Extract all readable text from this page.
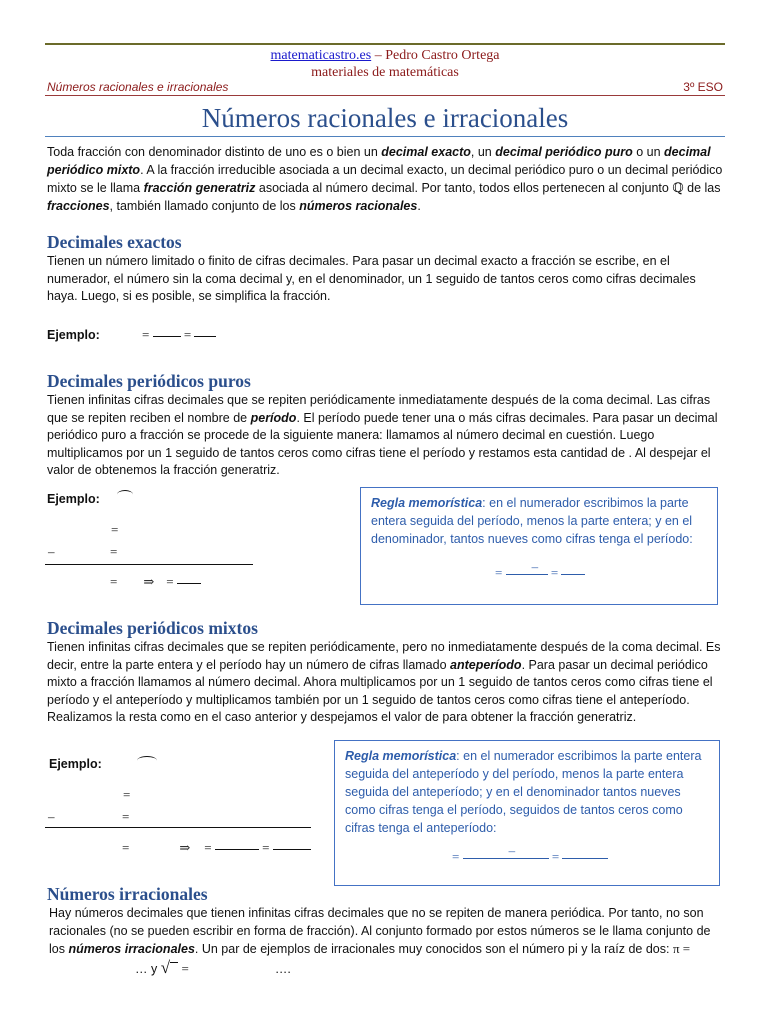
matematicastro.es – Pedro Castro Ortega
materiales de matemáticas
Números racionales e irracionales	3º ESO
Números racionales e irracionales
Toda fracción con denominador distinto de uno es o bien un decimal exacto, un decimal periódico puro o un decimal periódico mixto. A la fracción irreducible asociada a un decimal exacto, un decimal periódico puro o un decimal periódico mixto se le llama fracción generatriz asociada al número decimal. Por tanto, todos ellos pertenecen al conjunto ℚ de las fracciones, también llamado conjunto de los números racionales.
Decimales exactos
Tienen un número limitado o finito de cifras decimales. Para pasar un decimal exacto a fracción se escribe, en el numerador, el número sin la coma decimal y, en el denominador, un 1 seguido de tantos ceros como cifras decimales haya. Luego, si es posible, se simplifica la fracción.
Ejemplo:	=	=
Decimales periódicos puros
Tienen infinitas cifras decimales que se repiten periódicamente inmediatamente después de la coma decimal. Las cifras que se repiten reciben el nombre de período. El período puede tener una o más cifras decimales. Para pasar un decimal periódico puro a fracción se procede de la siguiente manera: llamamos al número decimal en cuestión. Luego multiplicamos por un 1 seguido de tantos ceros como cifras tiene el período y restamos esta cantidad de . Al despejar el valor de obtenemos la fracción generatriz.
Ejemplo:
=
–	=
= ⇒ =
Regla memorística: en el numerador escribimos la parte entera seguida del período, menos la parte entera; y en el denominador, tantos nueves como cifras tenga el período:
= – =
Decimales periódicos mixtos
Tienen infinitas cifras decimales que se repiten periódicamente, pero no inmediatamente después de la coma decimal. Es decir, entre la parte entera y el período hay un número de cifras llamado anteperíodo. Para pasar un decimal periódico mixto a fracción llamamos al número decimal. Ahora multiplicamos por un 1 seguido de tantos ceros como cifras tiene el período y el anteperíodo y multiplicamos también por un 1 seguido de tantos ceros como cifras tiene el anteperíodo. Realizamos la resta como en el caso anterior y despejamos el valor de para obtener la fracción generatriz.
Ejemplo:
=
–	=
=	⇒ =	=
Regla memorística: en el numerador escribimos la parte entera seguida del anteperíodo y del período, menos la parte entera seguida del anteperíodo; y en el denominador tantos nueves como cifras tenga el período, seguidos de tantos ceros como cifras tenga el anteperíodo:
=	–	=
Números irracionales
Hay números decimales que tienen infinitas cifras decimales que no se repiten de manera periódica. Por tanto, no son racionales (no se pueden escribir en forma de fracción). Al conjunto formado por estos números se le llama conjunto de los números irracionales. Un par de ejemplos de irracionales muy conocidos son el número pi y la raíz de dos: π =… y √ =	….
